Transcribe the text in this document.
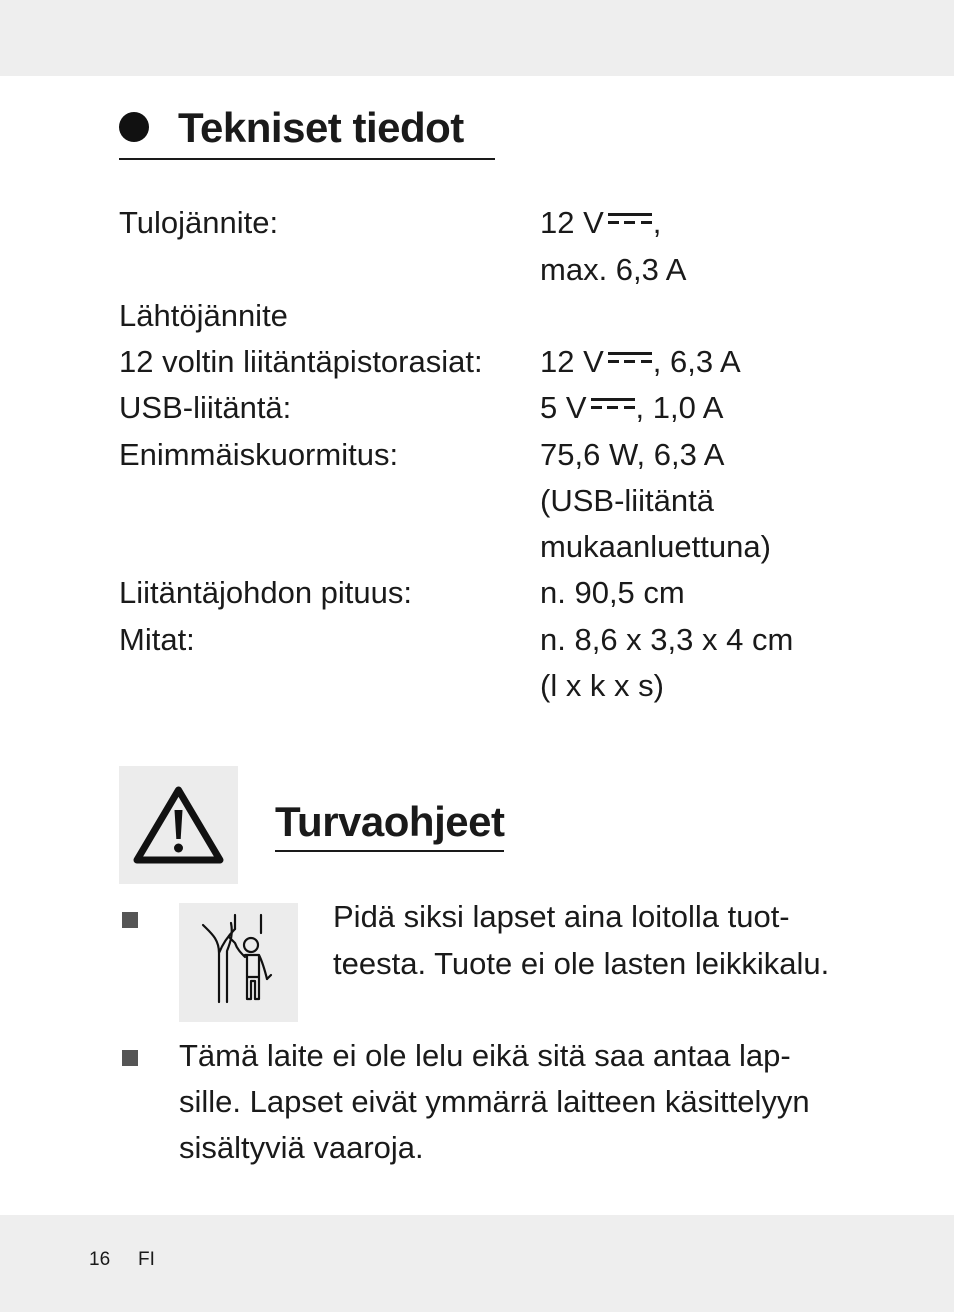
Tekniset tiedot
Tulojännite:
Lähtöjännite
12 voltin liitäntäpistorasiat:
USB-liitäntä:
Enimmäiskuormitus:
Liitäntäjohdon pituus:
Mitat:
12 V ,
max. 6,3 A
12 V , 6,3 A
5 V , 1,0 A
75,6 W, 6,3 A
(USB-liitäntä
mukaanluettuna)
n. 90,5 cm
n. 8,6 x 3,3 x 4 cm
(l x k x s)
Turvaohjeet
Pidä siksi lapset aina loitolla tuot-
teesta. Tuote ei ole lasten leikkikalu.
Tämä laite ei ole lelu eikä sitä saa antaa lap-
sille. Lapset eivät ymmärrä laitteen käsittelyyn
sisältyviä vaaroja.
16 FI
